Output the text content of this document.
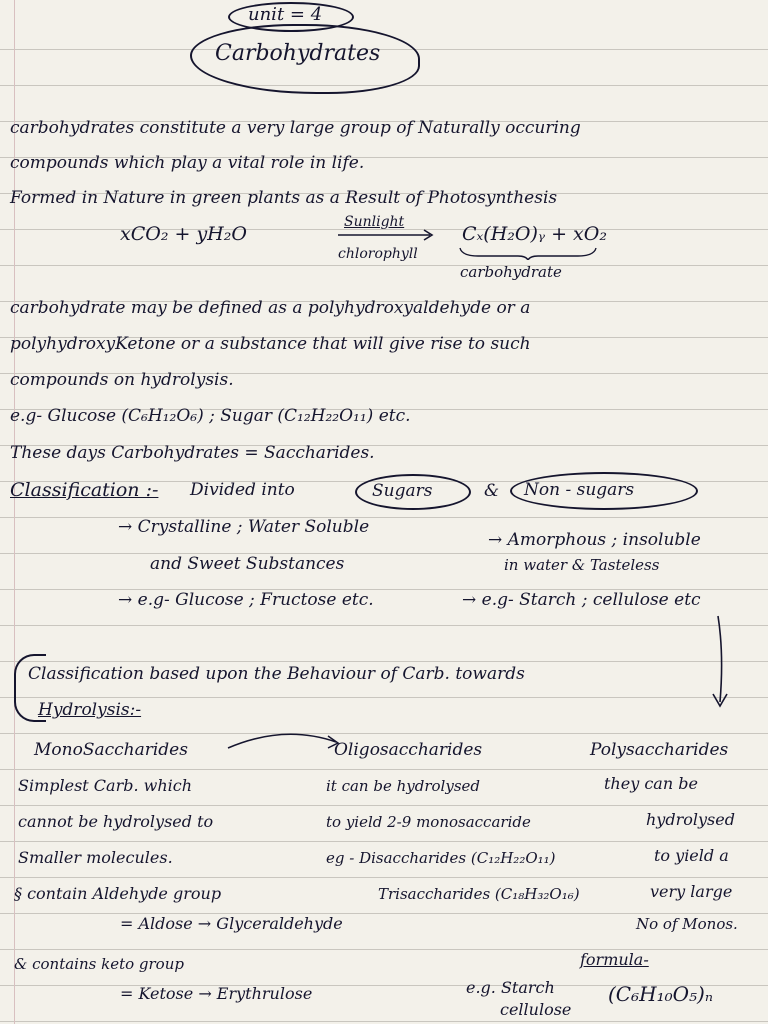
unit = 4
Carbohydrates
carbohydrates constitute a very large group of Naturally occuring
compounds which play a vital role in life.
Formed in Nature in green plants as a Result of Photosynthesis
xCO₂ + yH₂O
Sunlight
chlorophyll
Cₓ(H₂O)ᵧ + xO₂
carbohydrate
carbohydrate may be defined as a polyhydroxyaldehyde or a
polyhydroxyKetone or a substance that will give rise to such
compounds on hydrolysis.
e.g- Glucose (C₆H₁₂O₆) ; Sugar (C₁₂H₂₂O₁₁) etc.
These days Carbohydrates = Saccharides.
Classification :- Divided into	Sugars	& Non - sugars
→ Crystalline ; Water Soluble
and Sweet Substances
→ e.g- Glucose ; Fructose etc.
→ Amorphous ; insoluble
in water & Tasteless
→ e.g- Starch ; cellulose etc
Classification based upon the Behaviour of Carb. towards
Hydrolysis:-
MonoSaccharides
Simplest Carb. which
cannot be hydrolysed to
Smaller molecules.
§ contain Aldehyde group
= Aldose → Glyceraldehyde
& contains keto group
= Ketose → Erythrulose
Oligosaccharides
it can be hydrolysed
to yield 2-9 monosaccaride
eg - Disaccharides (C₁₂H₂₂O₁₁)
Trisaccharides (C₁₈H₃₂O₁₆)
e.g. Starch
cellulose
Polysaccharides
they can be
hydrolysed
to yield a
very large
No of Monos.
formula-
(C₆H₁₀O₅)ₙ
